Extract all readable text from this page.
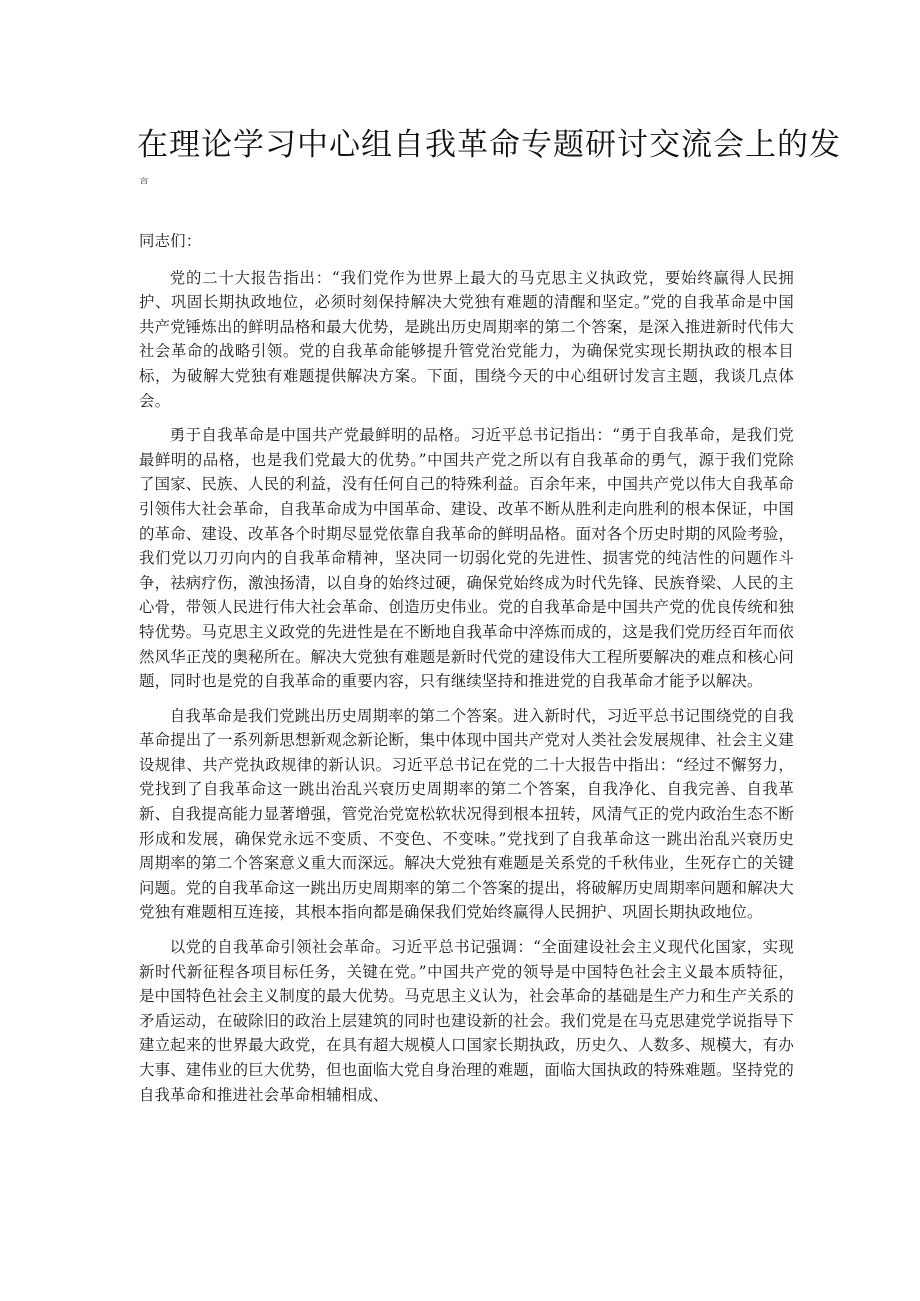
在理论学习中心组自我革命专题研讨交流会上的发
言

同志们：

党的二十大报告指出：“我们党作为世界上最大的马克思主义执政党，要始终赢得人民拥护、巩固长期执政地位，必须时刻保持解决大党独有难题的清醒和坚定。”党的自我革命是中国共产党锤炼出的鲜明品格和最大优势，是跳出历史周期率的第二个答案，是深入推进新时代伟大社会革命的战略引领。党的自我革命能够提升管党治党能力，为确保党实现长期执政的根本目标，为破解大党独有难题提供解决方案。下面，围绕今天的中心组研讨发言主题，我谈几点体会。

勇于自我革命是中国共产党最鲜明的品格。习近平总书记指出：“勇于自我革命，是我们党最鲜明的品格，也是我们党最大的优势。”中国共产党之所以有自我革命的勇气，源于我们党除了国家、民族、人民的利益，没有任何自己的特殊利益。百余年来，中国共产党以伟大自我革命引领伟大社会革命，自我革命成为中国革命、建设、改革不断从胜利走向胜利的根本保证，中国的革命、建设、改革各个时期尽显党依靠自我革命的鲜明品格。面对各个历史时期的风险考验，我们党以刀刃向内的自我革命精神，坚决同一切弱化党的先进性、损害党的纯洁性的问题作斗争，祛病疗伤，激浊扬清，以自身的始终过硬，确保党始终成为时代先锋、民族脊梁、人民的主心骨，带领人民进行伟大社会革命、创造历史伟业。党的自我革命是中国共产党的优良传统和独特优势。马克思主义政党的先进性是在不断地自我革命中淬炼而成的，这是我们党历经百年而依然风华正茂的奥秘所在。解决大党独有难题是新时代党的建设伟大工程所要解决的难点和核心问题，同时也是党的自我革命的重要内容，只有继续坚持和推进党的自我革命才能予以解决。

自我革命是我们党跳出历史周期率的第二个答案。进入新时代，习近平总书记围绕党的自我革命提出了一系列新思想新观念新论断，集中体现中国共产党对人类社会发展规律、社会主义建设规律、共产党执政规律的新认识。习近平总书记在党的二十大报告中指出：“经过不懈努力，党找到了自我革命这一跳出治乱兴衰历史周期率的第二个答案，自我净化、自我完善、自我革新、自我提高能力显著增强，管党治党宽松软状况得到根本扭转，风清气正的党内政治生态不断形成和发展，确保党永远不变质、不变色、不变味。”党找到了自我革命这一跳出治乱兴衰历史周期率的第二个答案意义重大而深远。解决大党独有难题是关系党的千秋伟业，生死存亡的关键问题。党的自我革命这一跳出历史周期率的第二个答案的提出，将破解历史周期率问题和解决大党独有难题相互连接，其根本指向都是确保我们党始终赢得人民拥护、巩固长期执政地位。

以党的自我革命引领社会革命。习近平总书记强调：“全面建设社会主义现代化国家，实现新时代新征程各项目标任务，关键在党。”中国共产党的领导是中国特色社会主义最本质特征，是中国特色社会主义制度的最大优势。马克思主义认为，社会革命的基础是生产力和生产关系的矛盾运动，在破除旧的政治上层建筑的同时也建设新的社会。我们党是在马克思建党学说指导下建立起来的世界最大政党，在具有超大规模人口国家长期执政，历史久、人数多、规模大，有办大事、建伟业的巨大优势，但也面临大党自身治理的难题，面临大国执政的特殊难题。坚持党的自我革命和推进社会革命相辅相成、
